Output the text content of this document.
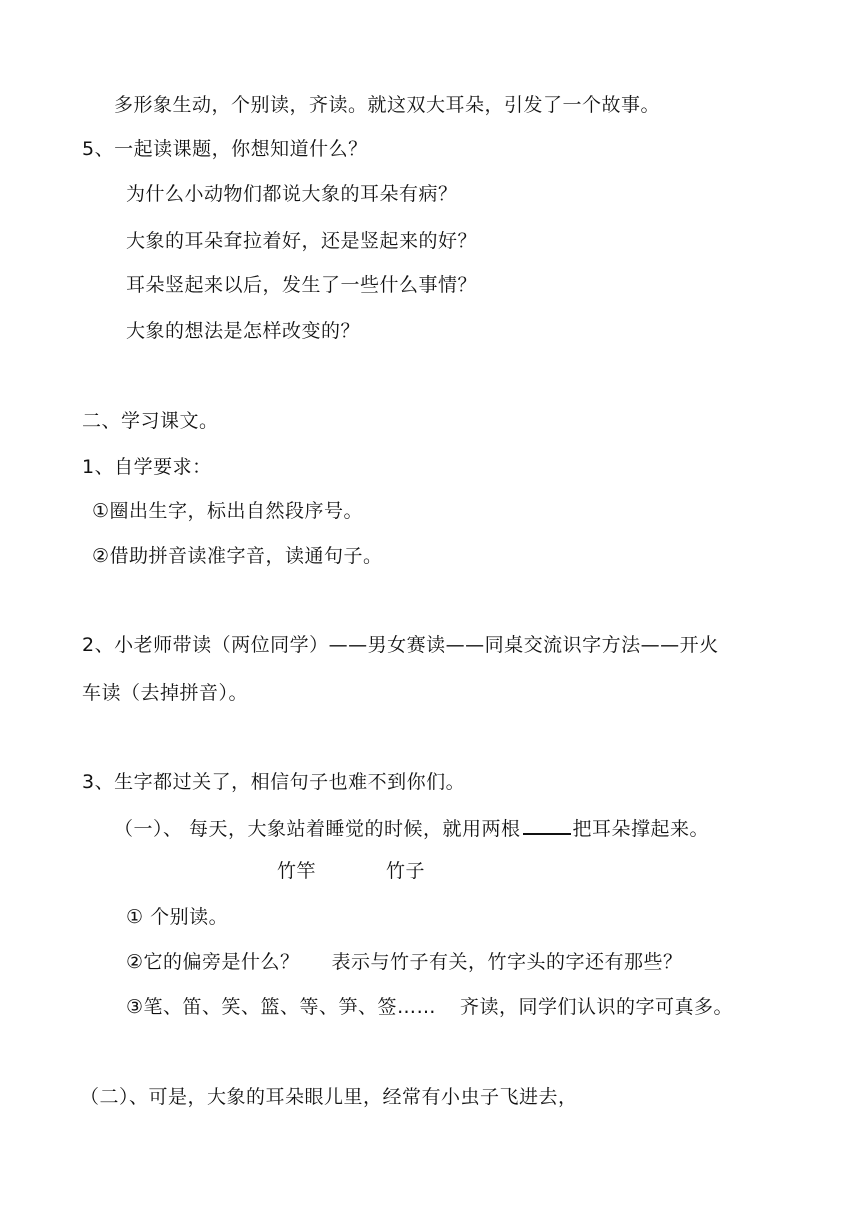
多形象生动，个别读，齐读。就这双大耳朵，引发了一个故事。
5、一起读课题，你想知道什么？
为什么小动物们都说大象的耳朵有病？
大象的耳朵耷拉着好，还是竖起来的好？
耳朵竖起来以后，发生了一些什么事情？
大象的想法是怎样改变的？
二、学习课文。
1、自学要求：
①圈出生字，标出自然段序号。
②借助拼音读准字音，读通句子。
2、小老师带读（两位同学）——男女赛读——同桌交流识字方法——开火
车读（去掉拼音）。
3、生字都过关了，相信句子也难不到你们。
（一）、 每天，大象站着睡觉的时候，就用两根	把耳朵撑起来。
竹竿	竹子
① 个别读。
②它的偏旁是什么？ 表示与竹子有关，竹字头的字还有那些？
③笔、笛、笑、篮、等、笋、签…… 齐读，同学们认识的字可真多。
（二）、可是，大象的耳朵眼儿里，经常有小虫子飞进去，
